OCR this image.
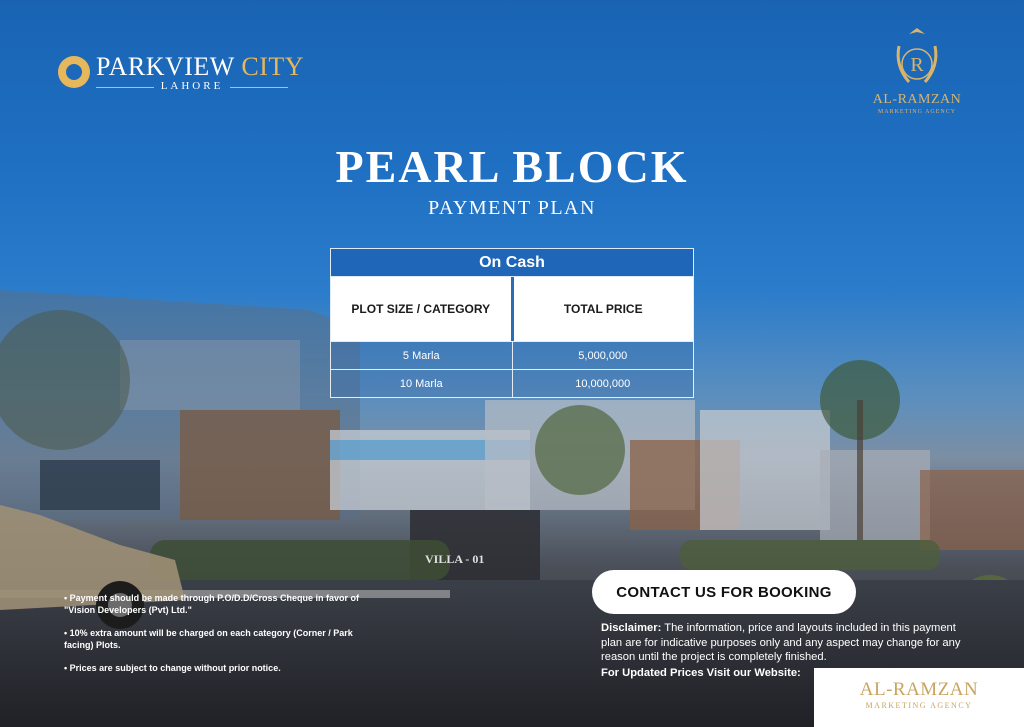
VILLA - 01
PARKVIEW CITY
LAHORE
R
AL-RAMZAN
MARKETING AGENCY
PEARL BLOCK
PAYMENT PLAN
On Cash
PLOT SIZE / CATEGORY	TOTAL PRICE
5 Marla	5,000,000
10 Marla	10,000,000

• Payment should be made through P.O/D.D/Cross Cheque in favor of "Vision Developers (Pvt) Ltd."

• 10% extra amount will be charged on each category (Corner / Park facing) Plots.

• Prices are subject to change without prior notice.

CONTACT US FOR BOOKING
Disclaimer: The information, price and layouts included in this payment plan are for indicative purposes only and any aspect may change for any reason until the project is completely finished.
For Updated Prices Visit our Website:
AL-RAMZAN
MARKETING AGENCY
